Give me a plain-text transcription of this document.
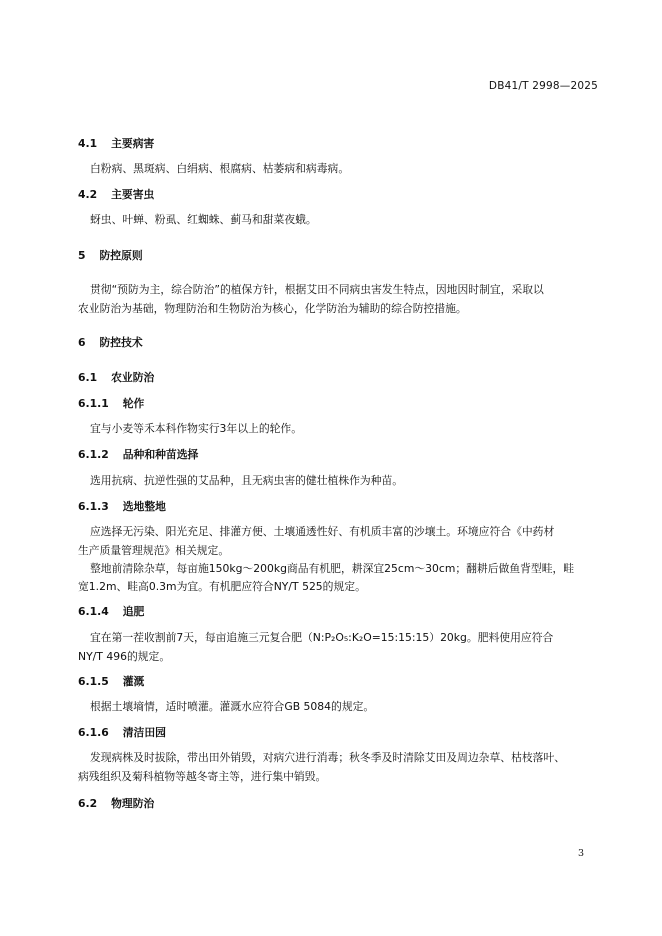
DB41/T 2998—2025
4.1 主要病害
白粉病、黑斑病、白绢病、根腐病、枯萎病和病毒病。
4.2 主要害虫
蚜虫、叶蝉、粉虱、红蜘蛛、蓟马和甜菜夜蛾。
5 防控原则
贯彻“预防为主，综合防治”的植保方针，根据艾田不同病虫害发生特点，因地因时制宜，采取以
农业防治为基础，物理防治和生物防治为核心，化学防治为辅助的综合防控措施。
6 防控技术
6.1 农业防治
6.1.1 轮作
宜与小麦等禾本科作物实行3年以上的轮作。
6.1.2 品种和种苗选择
选用抗病、抗逆性强的艾品种，且无病虫害的健壮植株作为种苗。
6.1.3 选地整地
应选择无污染、阳光充足、排灌方便、土壤通透性好、有机质丰富的沙壤土。环境应符合《中药材
生产质量管理规范》相关规定。
整地前清除杂草，每亩施150kg～200kg商品有机肥，耕深宜25cm～30cm；翻耕后做鱼背型畦，畦
宽1.2m、畦高0.3m为宜。有机肥应符合NY/T 525的规定。
6.1.4 追肥
宜在第一茬收割前7天，每亩追施三元复合肥（N:P₂O₅:K₂O=15:15:15）20kg。肥料使用应符合
NY/T 496的规定。
6.1.5 灌溉
根据土壤墒情，适时喷灌。灌溉水应符合GB 5084的规定。
6.1.6 清洁田园
发现病株及时拔除，带出田外销毁，对病穴进行消毒；秋冬季及时清除艾田及周边杂草、枯枝落叶、
病残组织及菊科植物等越冬寄主等，进行集中销毁。
6.2 物理防治
3
